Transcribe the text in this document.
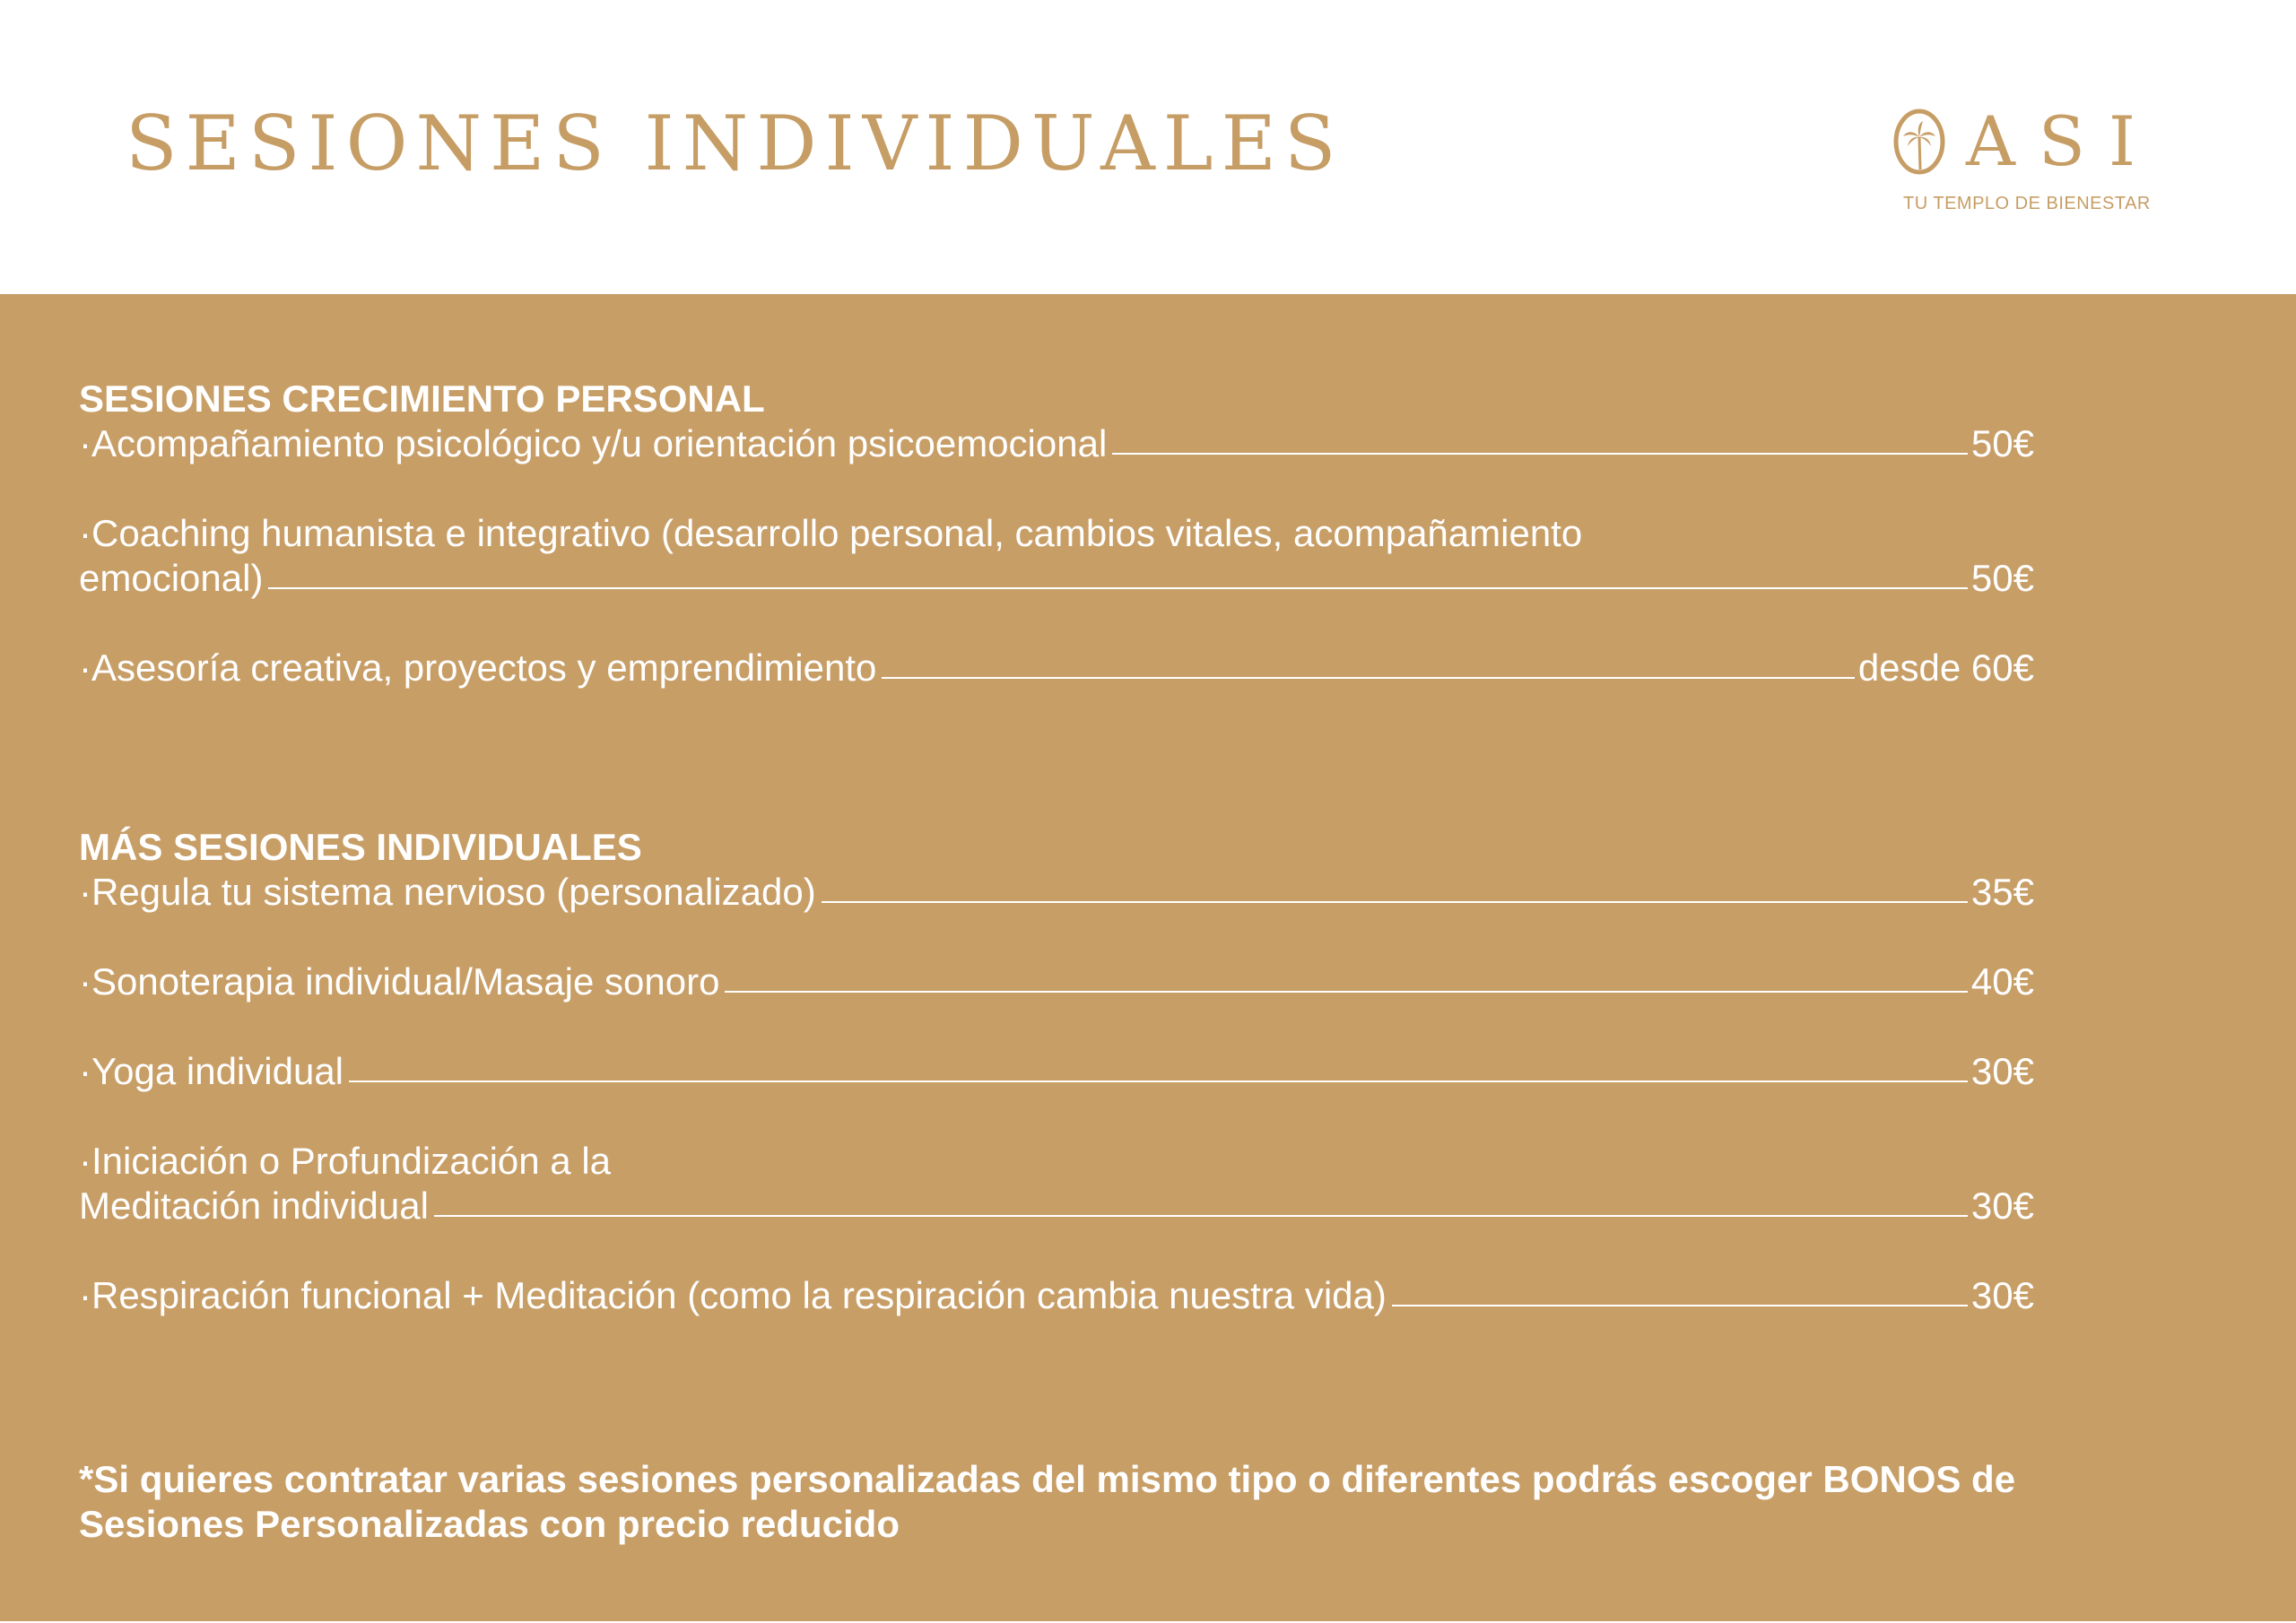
SESIONES INDIVIDUALES	ASI
TU TEMPLO DE BIENESTAR
SESIONES CRECIMIENTO PERSONAL
·Acompañamiento psicológico y/u orientación psicoemocional	50€
·Coaching humanista e integrativo (desarrollo personal, cambios vitales, acompañamiento
emocional)	50€
·Asesoría creativa, proyectos y emprendimiento	desde 60€
MÁS SESIONES INDIVIDUALES
·Regula tu sistema nervioso (personalizado)	35€
·Sonoterapia individual/Masaje sonoro	40€
·Yoga individual	30€
·Iniciación o Profundización a la
Meditación individual	30€
·Respiración funcional + Meditación (como la respiración cambia nuestra vida)	30€

*Si quieres contratar varias sesiones personalizadas del mismo tipo o diferentes podrás escoger BONOS de Sesiones Personalizadas con precio reducido
